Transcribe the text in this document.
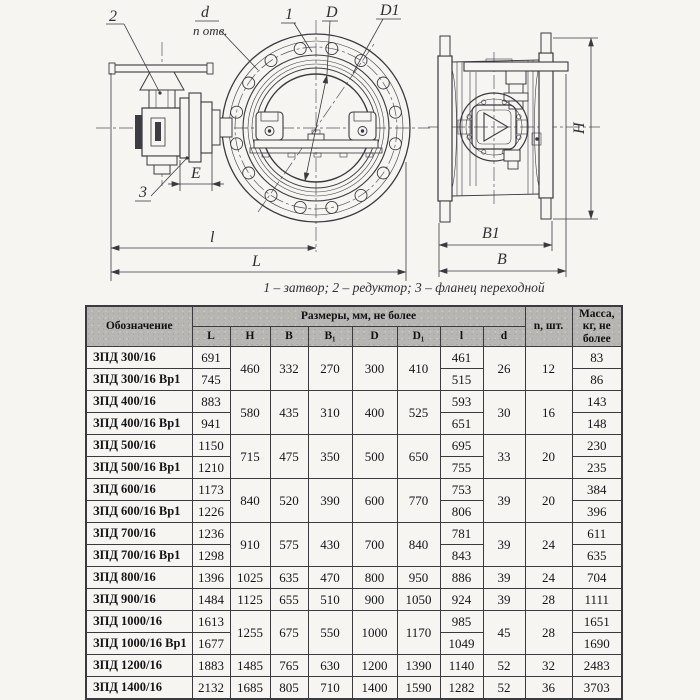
l
L
E
H
B1
B
2	d
n отв.
1 D	D1
3
1 – затвор; 2 – редуктор; 3 – фланец переходной
Обозначение	Размеры, мм, не более								n, шт.	Масса, кг, не более
	L	H	B	B₁	D	D₁	l	d		
ЗПД 300/16	691	460	332	270	300	410	461	26	12	83
ЗПД 300/16 Вр1	745						515			86
ЗПД 400/16	883	580	435	310	400	525	593	30	16	143
ЗПД 400/16 Вр1	941						651			148
ЗПД 500/16	1150	715	475	350	500	650	695	33	20	230
ЗПД 500/16 Вр1	1210						755			235
ЗПД 600/16	1173	840	520	390	600	770	753	39	20	384
ЗПД 600/16 Вр1	1226						806			396
ЗПД 700/16	1236	910	575	430	700	840	781	39	24	611
ЗПД 700/16 Вр1	1298						843			635
ЗПД 800/16	1396	1025	635	470	800	950	886	39	24	704
ЗПД 900/16	1484	1125	655	510	900	1050	924	39	28	1111
ЗПД 1000/16	1613	1255	675	550	1000	1170	985	45	28	1651
ЗПД 1000/16 Вр1	1677						1049			1690
ЗПД 1200/16	1883	1485	765	630	1200	1390	1140	52	32	2483
ЗПД 1400/16	2132	1685	805	710	1400	1590	1282	52	36	3703
